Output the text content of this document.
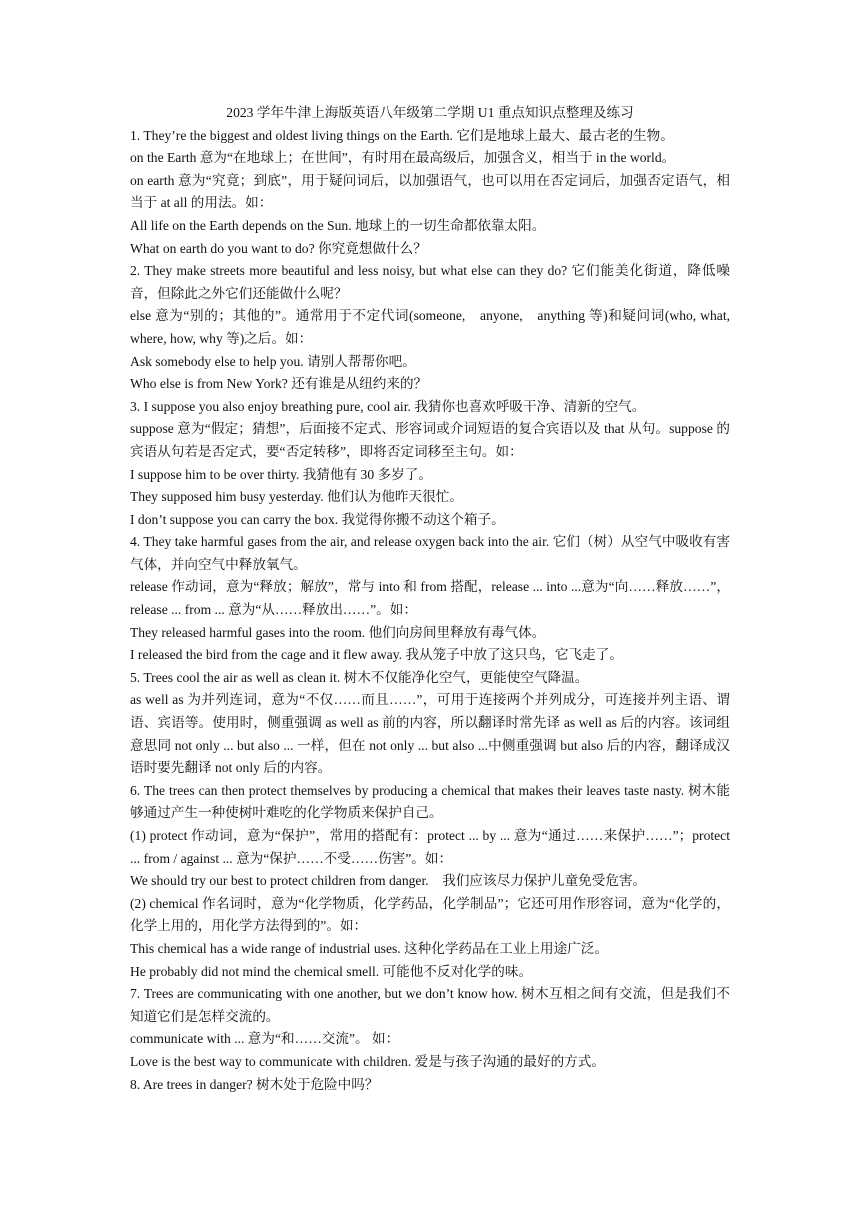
2023 学年牛津上海版英语八年级第二学期 U1 重点知识点整理及练习

1. They’re the biggest and oldest living things on the Earth. 它们是地球上最大、最古老的生物。

on the Earth 意为“在地球上；在世间”，有时用在最高级后，加强含义，相当于 in the world。

on earth 意为“究竟；到底”，用于疑问词后，以加强语气，也可以用在否定词后，加强否定语气，相当于 at all 的用法。如：

All life on the Earth depends on the Sun. 地球上的一切生命都依靠太阳。

What on earth do you want to do? 你究竟想做什么？

2. They make streets more beautiful and less noisy, but what else can they do? 它们能美化街道，降低噪音，但除此之外它们还能做什么呢？

else 意为“别的；其他的”。通常用于不定代词(someone,　anyone,　anything 等)和疑问词(who, what, where, how, why 等)之后。如：

Ask somebody else to help you. 请别人帮帮你吧。

Who else is from New York? 还有谁是从纽约来的？

3. I suppose you also enjoy breathing pure, cool air. 我猜你也喜欢呼吸干净、清新的空气。

suppose 意为“假定；猜想”，后面接不定式、形容词或介词短语的复合宾语以及 that 从句。suppose 的宾语从句若是否定式，要“否定转移”，即将否定词移至主句。如：

I suppose him to be over thirty. 我猜他有 30 多岁了。

They supposed him busy yesterday. 他们认为他昨天很忙。

I don’t suppose you can carry the box. 我觉得你搬不动这个箱子。

4. They take harmful gases from the air, and release oxygen back into the air. 它们（树）从空气中吸收有害气体，并向空气中释放氧气。

release 作动词，意为“释放；解放”，常与 into 和 from 搭配，release ... into ...意为“向……释放……”，release ... from ... 意为“从……释放出……”。如：

They released harmful gases into the room. 他们向房间里释放有毒气体。

I released the bird from the cage and it flew away. 我从笼子中放了这只鸟，它飞走了。

5. Trees cool the air as well as clean it. 树木不仅能净化空气，更能使空气降温。

as well as 为并列连词，意为“不仅……而且……”，可用于连接两个并列成分，可连接并列主语、谓语、宾语等。使用时，侧重强调 as well as 前的内容，所以翻译时常先译 as well as 后的内容。该词组意思同 not only ... but also ... 一样，但在 not only ... but also ...中侧重强调 but also 后的内容，翻译成汉语时要先翻译 not only 后的内容。

6. The trees can then protect themselves by producing a chemical that makes their leaves taste nasty. 树木能够通过产生一种使树叶难吃的化学物质来保护自己。

(1) protect 作动词，意为“保护”，常用的搭配有：protect ... by ... 意为“通过……来保护……”；protect ... from / against ... 意为“保护……不受……伤害”。如：

We should try our best to protect children from danger.　我们应该尽力保护儿童免受危害。

(2) chemical 作名词时，意为“化学物质，化学药品，化学制品”；它还可用作形容词，意为“化学的，化学上用的，用化学方法得到的”。如：

This chemical has a wide range of industrial uses. 这种化学药品在工业上用途广泛。

He probably did not mind the chemical smell. 可能他不反对化学的味。

7. Trees are communicating with one another, but we don’t know how. 树木互相之间有交流，但是我们不知道它们是怎样交流的。

communicate with ... 意为“和……交流”。 如：

Love is the best way to communicate with children. 爱是与孩子沟通的最好的方式。

8. Are trees in danger? 树木处于危险中吗？
